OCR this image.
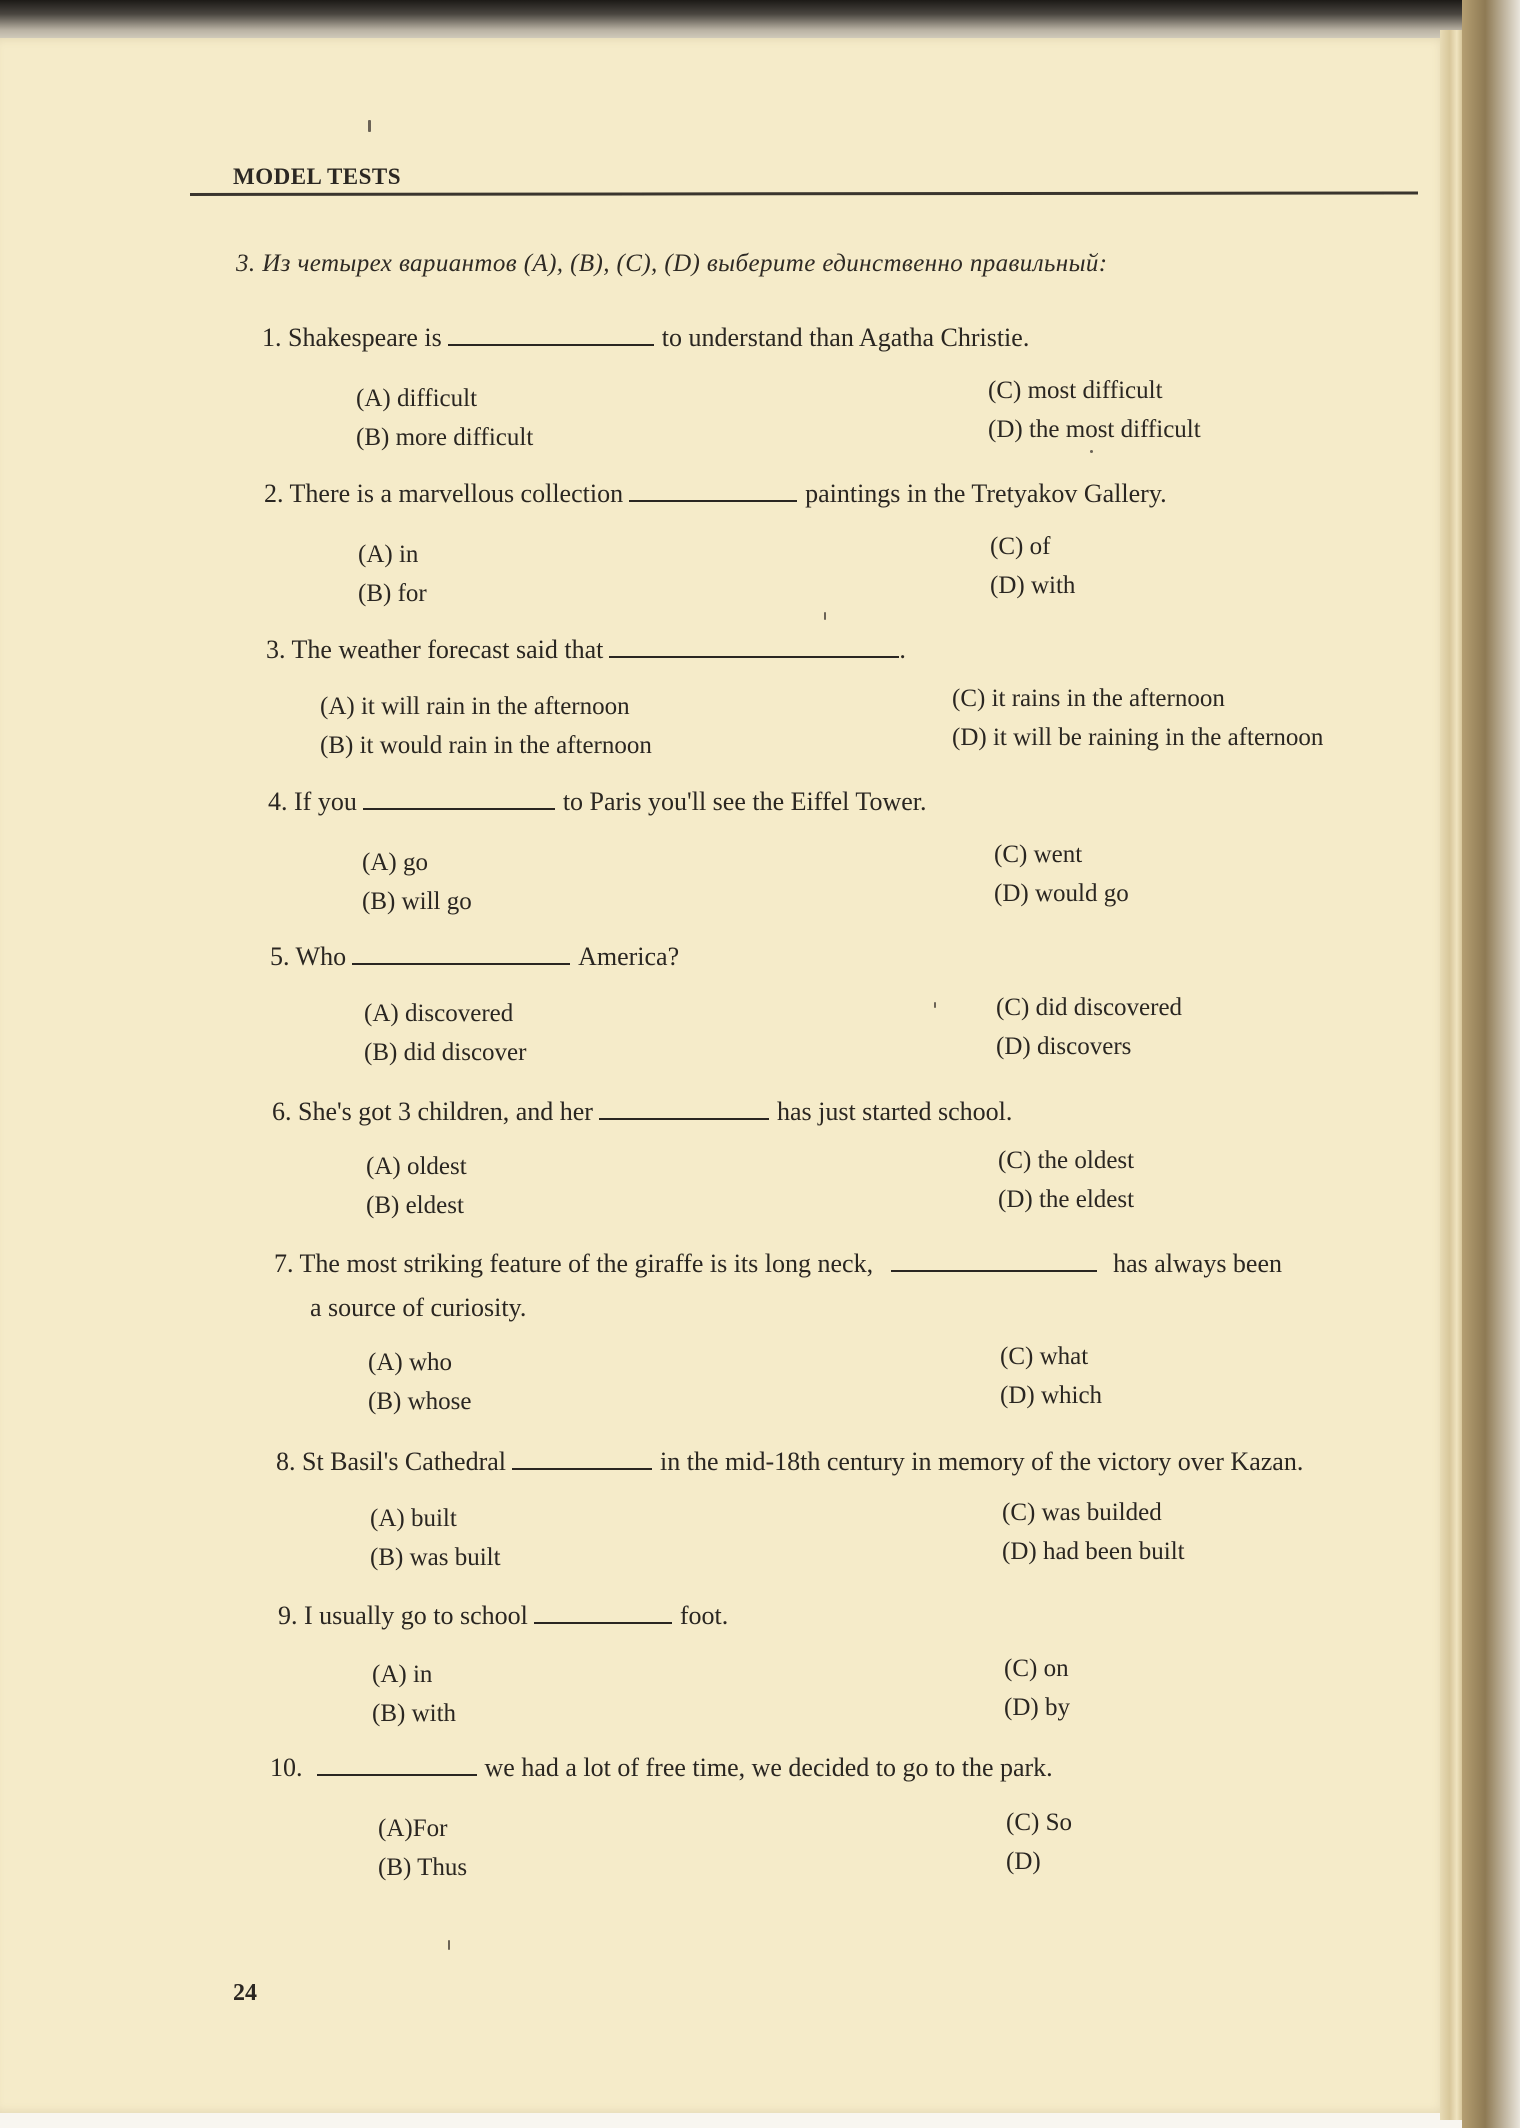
MODEL TESTS
3. Из четырех вариантов (A), (B), (C), (D) выберите единственно правильный:
1. Shakespeare is	to understand than Agatha Christie.
(A) difficult
(B) more difficult
(C) most difficult
(D) the most difficult
2. There is a marvellous collection	paintings in the Tretyakov Gallery.
(A) in
(B) for
(C) of
(D) with
3. The weather forecast said that	.
(A) it will rain in the afternoon
(B) it would rain in the afternoon
(C) it rains in the afternoon
(D) it will be raining in the afternoon
4. If you	to Paris you'll see the Eiffel Tower.
(A) go
(B) will go
(C) went
(D) would go
5. Who	America?
(A) discovered
(B) did discover
(C) did discovered
(D) discovers
6. She's got 3 children, and her	has just started school.
(A) oldest
(B) eldest
(C) the oldest
(D) the eldest
7. The most striking feature of the giraffe is its long neck,	has always been
a source of curiosity.
(A) who
(B) whose
(C) what
(D) which
8. St Basil's Cathedral	in the mid-18th century in memory of the victory over Kazan.
(A) built
(B) was built
(C) was builded
(D) had been built
9. I usually go to school	foot.
(A) in
(B) with
(C) on
(D) by
10.	we had a lot of free time, we decided to go to the park.
(A)For
(B) Thus
(C) So
(D)
24
